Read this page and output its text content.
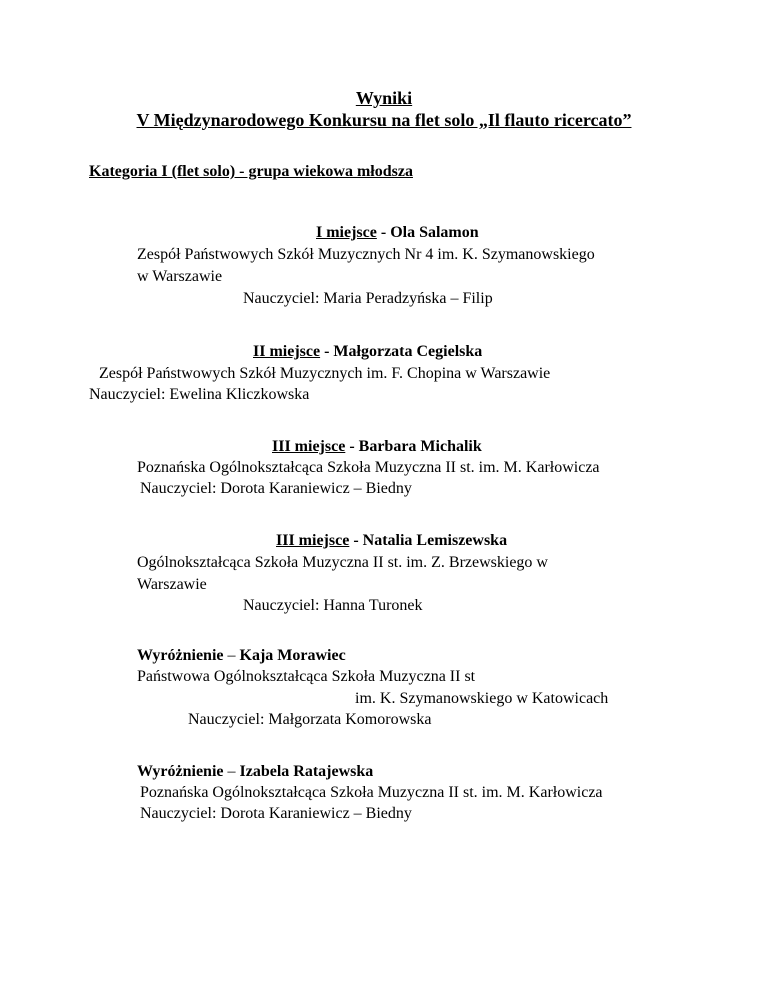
Wyniki
V Międzynarodowego Konkursu na flet solo „Il flauto ricercato”
Kategoria I (flet solo) - grupa wiekowa młodsza
I miejsce - Ola Salamon
Zespół Państwowych Szkół Muzycznych Nr 4 im. K. Szymanowskiego
w Warszawie
Nauczyciel: Maria Peradzyńska – Filip
II miejsce - Małgorzata Cegielska
Zespół Państwowych Szkół Muzycznych im. F. Chopina w Warszawie
Nauczyciel: Ewelina Kliczkowska
III miejsce - Barbara Michalik
Poznańska Ogólnokształcąca Szkoła Muzyczna II st. im. M. Karłowicza
Nauczyciel: Dorota Karaniewicz – Biedny
III miejsce - Natalia Lemiszewska
Ogólnokształcąca Szkoła Muzyczna II st. im. Z. Brzewskiego w
Warszawie
Nauczyciel: Hanna Turonek
Wyróżnienie – Kaja Morawiec
Państwowa Ogólnokształcąca Szkoła Muzyczna II st
im. K. Szymanowskiego w Katowicach
Nauczyciel: Małgorzata Komorowska
Wyróżnienie – Izabela Ratajewska
Poznańska Ogólnokształcąca Szkoła Muzyczna II st. im. M. Karłowicza
Nauczyciel: Dorota Karaniewicz – Biedny
